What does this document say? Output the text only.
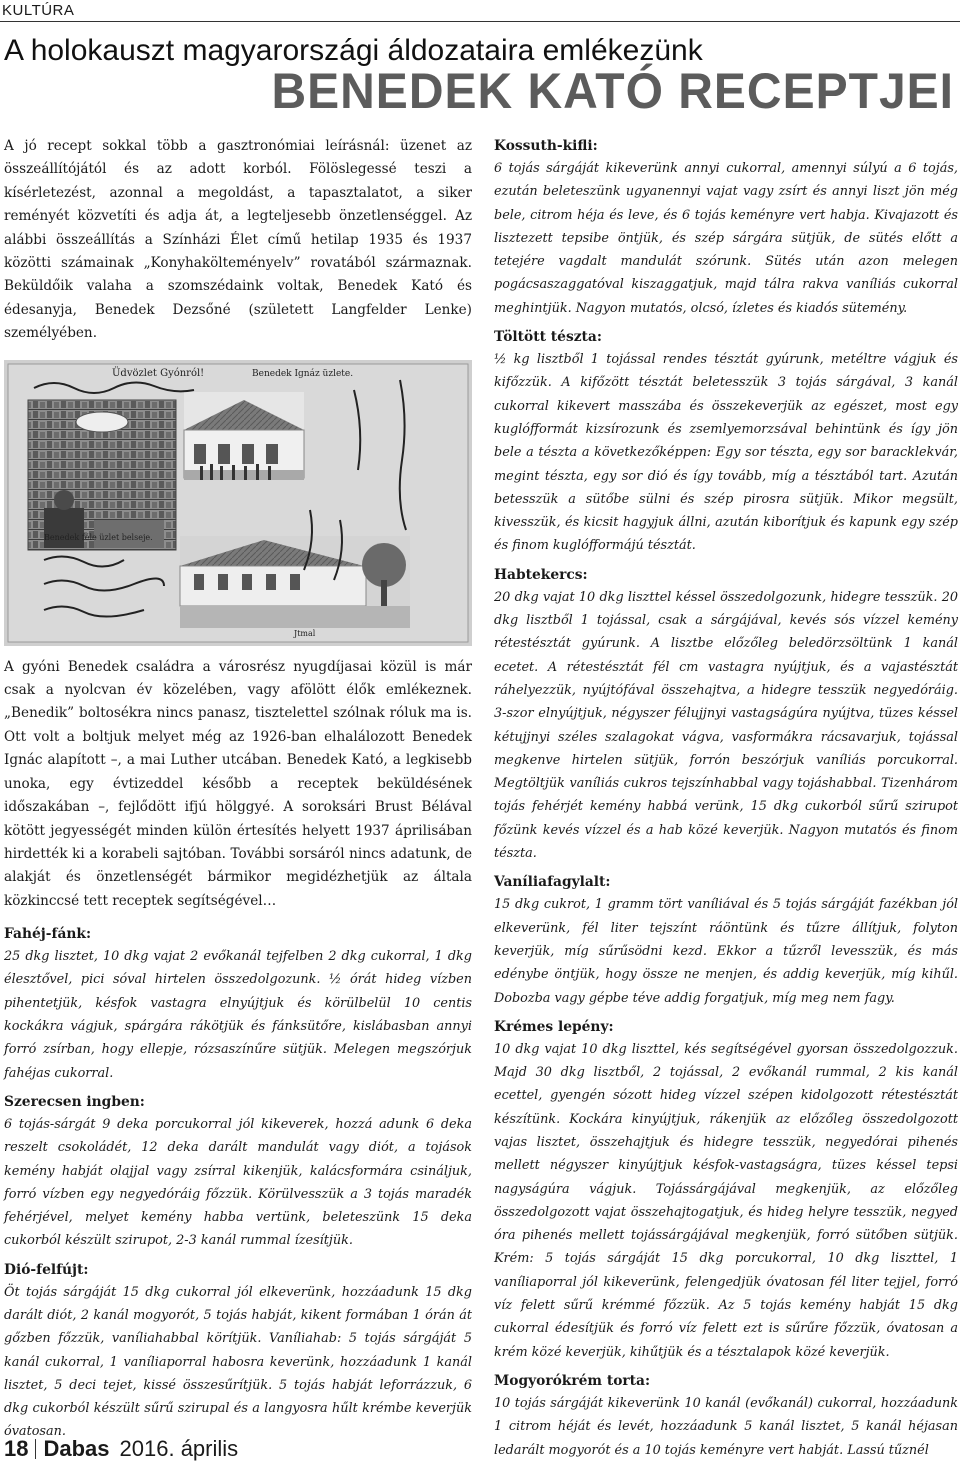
KULTÚRA
A holokauszt magyarországi áldozataira emlékezünk
BENEDEK KATÓ RECEPTJEI

A jó recept sokkal több a gasztronómiai leírásnál: üzenet az összeállítójától és az adott korból. Fölöslegessé teszi a kísérletezést, azonnal a megoldást, a tapasztalatot, a siker reményét közvetíti és adja át, a legteljesebb önzetlenséggel. Az alábbi összeállítás a Színházi Élet című hetilap 1935 és 1937 közötti számainak „Konyhakölteményelv” rovatából származnak. Beküldőik valaha a szomszédaink voltak, Benedek Kató és édesanyja, Benedek Dezsőné (született Langfelder Lenke) személyében.

Üdvözlet Gyónról!	Benedek Ignáz üzlete.
Benedek féle üzlet belseje.
Jtmal

A gyóni Benedek családra a városrész nyugdíjasai közül is már csak a nyolcvan év közelében, vagy afölött élők emlékeznek. „Benedik” boltosékra nincs panasz, tisztelettel szólnak róluk ma is. Ott volt a boltjuk melyet még az 1926-ban elhalálozott Benedek Ignác alapított –, a mai Luther utcában. Benedek Kató, a legkisebb unoka, egy évtizeddel később a receptek beküldésének időszakában –, fejlődött ifjú hölggyé. A soroksári Brust Bélával kötött jegyességét minden külön értesítés helyett 1937 áprilisában hirdették ki a korabeli sajtóban. További sorsáról nincs adatunk, de alakját és önzetlenségét bármikor megidézhetjük az általa közkinccsé tett receptek segítségével…

Fahéj-fánk:

25 dkg lisztet, 10 dkg vajat 2 evőkanál tejfelben 2 dkg cukorral, 1 dkg élesztővel, pici sóval hirtelen összedolgozunk. ½ órát hideg vízben pihentetjük, késfok vastagra elnyújtjuk és körülbelül 10 centis kockákra vágjuk, spárgára rákötjük és fánksütőre, kislábasban annyi forró zsírban, hogy ellepje, rózsaszínűre sütjük. Melegen megszórjuk fahéjas cukorral.

Szerecsen ingben:

6 tojás-sárgát 9 deka porcukorral jól kikeverek, hozzá adunk 6 deka reszelt csokoládét, 12 deka darált mandulát vagy diót, a tojások kemény habját olajjal vagy zsírral kikenjük, kalácsformára csináljuk, forró vízben egy negyedóráig főzzük. Körülvesszük a 3 tojás maradék fehérjével, melyet kemény habba vertünk, beleteszünk 15 deka cukorból készült szirupot, 2-3 kanál rummal ízesítjük.

Dió-felfújt:

Öt tojás sárgáját 15 dkg cukorral jól elkeverünk, hozzáadunk 15 dkg darált diót, 2 kanál mogyorót, 5 tojás habját, kikent formában 1 órán át gőzben főzzük, vaníliahabbal körítjük. Vaníliahab: 5 tojás sárgáját 5 kanál cukorral, 1 vaníliaporral habosra keverünk, hozzáadunk 1 kanál lisztet, 5 deci tejet, kissé összesűrítjük. 5 tojás habját leforrázzuk, 6 dkg cukorból készült sűrű szirupal és a langyosra hűlt krémbe keverjük óvatosan.

Kossuth-kifli:

6 tojás sárgáját kikeverünk annyi cukorral, amennyi súlyú a 6 tojás, ezután beleteszünk ugyanennyi vajat vagy zsírt és annyi liszt jön még bele, citrom héja és leve, és 6 tojás keményre vert habja. Kivajazott és lisztezett tepsibe öntjük, és szép sárgára sütjük, de sütés előtt a tetejére vagdalt mandulát szórunk. Sütés után azon melegen pogácsaszaggatóval kiszaggatjuk, majd tálra rakva vaníliás cukorral meghintjük. Nagyon mutatós, olcsó, ízletes és kiadós sütemény.

Töltött tészta:

½ kg lisztből 1 tojással rendes tésztát gyúrunk, metéltre vágjuk és kifőzzük. A kifőzött tésztát beletesszük 3 tojás sárgával, 3 kanál cukorral kikevert masszába és összekeverjük az egészet, most egy kuglófformát kizsírozunk és zsemlyemorzsával behintünk és így jön bele a tészta a következőképpen: Egy sor tészta, egy sor baracklekvár, megint tészta, egy sor dió és így tovább, míg a tésztából tart. Azután betesszük a sütőbe sülni és szép pirosra sütjük. Mikor megsült, kivesszük, és kicsit hagyjuk állni, azután kiborítjuk és kapunk egy szép és finom kuglófformájú tésztát.

Habtekercs:

20 dkg vajat 10 dkg liszttel késsel összedolgozunk, hidegre tesszük. 20 dkg lisztből 1 tojással, csak a sárgájával, kevés sós vízzel kemény rétestésztát gyúrunk. A lisztbe előzőleg beledörzsöltünk 1 kanál ecetet. A rétestésztát fél cm vastagra nyújtjuk, és a vajastésztát ráhelyezzük, nyújtófával összehajtva, a hidegre tesszük negyedóráig. 3-szor elnyújtjuk, négyszer félujjnyi vastagságúra nyújtva, tüzes késsel kétujjnyi széles szalagokat vágva, vasformákra rácsavarjuk, tojással megkenve hirtelen sütjük, forrón beszórjuk vaníliás porcukorral. Megtöltjük vaníliás cukros tejszínhabbal vagy tojáshabbal. Tizenhárom tojás fehérjét kemény habbá verünk, 15 dkg cukorból sűrű szirupot főzünk kevés vízzel és a hab közé keverjük. Nagyon mutatós és finom tészta.

Vaníliafagylalt:

15 dkg cukrot, 1 gramm tört vaníliával és 5 tojás sárgáját fazékban jól elkeverünk, fél liter tejszínt ráöntünk és tűzre állítjuk, folyton keverjük, míg sűrűsödni kezd. Ekkor a tűzről levesszük, és más edénybe öntjük, hogy össze ne menjen, és addig keverjük, míg kihűl. Dobozba vagy gépbe téve addig forgatjuk, míg meg nem fagy.

Krémes lepény:

10 dkg vajat 10 dkg liszttel, kés segítségével gyorsan összedolgozzuk. Majd 30 dkg lisztből, 2 tojással, 2 evőkanál rummal, 2 kis kanál ecettel, gyengén sózott hideg vízzel szépen kidolgozott rétestésztát készítünk. Kockára kinyújtjuk, rákenjük az előzőleg összedolgozott vajas lisztet, összehajtjuk és hidegre tesszük, negyedórai pihenés mellett négyszer kinyújtjuk késfok-vastagságra, tüzes késsel tepsi nagyságúra vágjuk. Tojássárgájával megkenjük, az előzőleg összedolgozott vajat összehajtogatjuk, és hideg helyre tesszük, negyed óra pihenés mellett tojássárgájával megkenjük, forró sütőben sütjük. Krém: 5 tojás sárgáját 15 dkg porcukorral, 10 dkg liszttel, 1 vaníliaporral jól kikeverünk, felengedjük óvatosan fél liter tejjel, forró víz felett sűrű krémmé főzzük. Az 5 tojás kemény habját 15 dkg cukorral édesítjük és forró víz felett ezt is sűrűre főzzük, óvatosan a krém közé keverjük, kihűtjük és a tésztalapok közé keverjük.

Mogyorókrém torta:

10 tojás sárgáját kikeverünk 10 kanál (evőkanál) cukorral, hozzáadunk 1 citrom héját és levét, hozzáadunk 5 kanál lisztet, 5 kanál héjasan ledarált mogyorót és a 10 tojás keményre vert habját. Lassú tűznél

18 Dabas 2016. április
